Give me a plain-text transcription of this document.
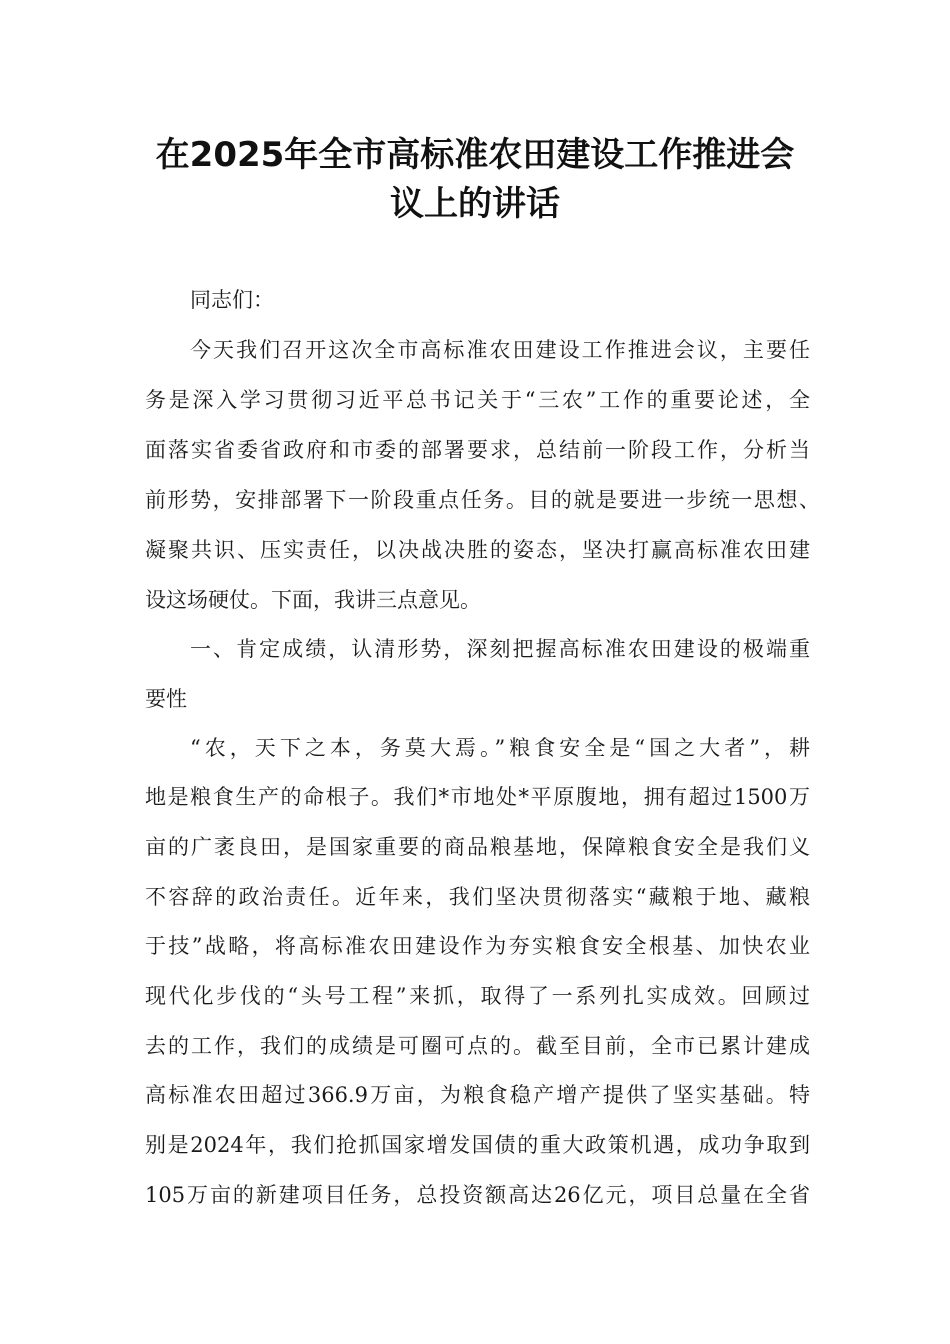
在2025年全市高标准农田建设工作推进会
议上的讲话
同志们：
今天我们召开这次全市高标准农田建设工作推进会议，主要任
务是深入学习贯彻习近平总书记关于“三农”工作的重要论述，全
面落实省委省政府和市委的部署要求，总结前一阶段工作，分析当
前形势，安排部署下一阶段重点任务。目的就是要进一步统一思想、
凝聚共识、压实责任，以决战决胜的姿态，坚决打赢高标准农田建
设这场硬仗。下面，我讲三点意见。
一、肯定成绩，认清形势，深刻把握高标准农田建设的极端重
要性
“农，天下之本，务莫大焉。”粮食安全是“国之大者”，耕
地是粮食生产的命根子。我们*市地处*平原腹地，拥有超过1500万
亩的广袤良田，是国家重要的商品粮基地，保障粮食安全是我们义
不容辞的政治责任。近年来，我们坚决贯彻落实“藏粮于地、藏粮
于技”战略，将高标准农田建设作为夯实粮食安全根基、加快农业
现代化步伐的“头号工程”来抓，取得了一系列扎实成效。回顾过
去的工作，我们的成绩是可圈可点的。截至目前，全市已累计建成
高标准农田超过366.9万亩，为粮食稳产增产提供了坚实基础。特
别是2024年，我们抢抓国家增发国债的重大政策机遇，成功争取到
105万亩的新建项目任务，总投资额高达26亿元，项目总量在全省
